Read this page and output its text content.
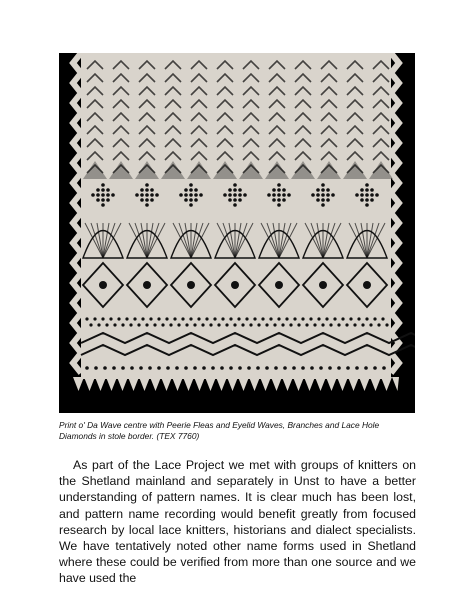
Print o' Da Wave centre with Peerie Fleas and Eyelid Waves, Branches and Lace Hole Diamonds in stole border. (TEX 7760)

As part of the Lace Project we met with groups of knitters on the Shetland mainland and separately in Unst to have a better understanding of pattern names. It is clear much has been lost, and pattern name recording would benefit greatly from focused research by local lace knitters, historians and dialect specialists. We have tentatively noted other name forms used in Shetland where these could be verified from more than one source and we have used the
